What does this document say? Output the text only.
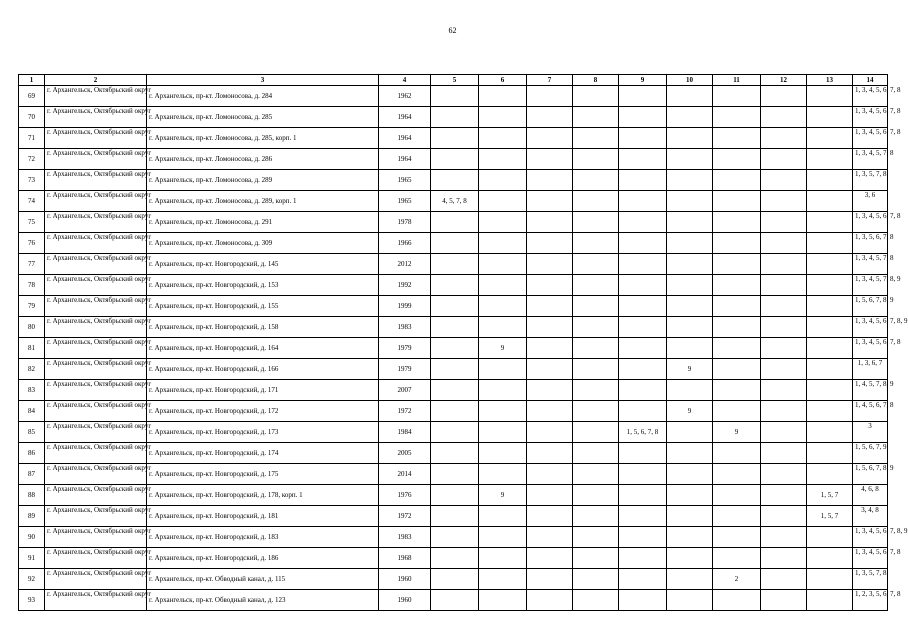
62
1	2	3	4	5	6	7	8	9	10	11	12	13	14
69	г. Архангельск, Октябрьский округ	г. Архангельск, пр-кт. Ломоносова, д. 284	1962										1, 3, 4, 5, 6, 7, 8
70	г. Архангельск, Октябрьский округ	г. Архангельск, пр-кт. Ломоносова, д. 285	1964										1, 3, 4, 5, 6, 7, 8
71	г. Архангельск, Октябрьский округ	г. Архангельск, пр-кт. Ломоносова, д. 285, корп. 1	1964										1, 3, 4, 5, 6, 7, 8
72	г. Архангельск, Октябрьский округ	г. Архангельск, пр-кт. Ломоносова, д. 286	1964										1, 3, 4, 5, 7, 8
73	г. Архангельск, Октябрьский округ	г. Архангельск, пр-кт. Ломоносова, д. 289	1965										1, 3, 5, 7, 8
74	г. Архангельск, Октябрьский округ	г. Архангельск, пр-кт. Ломоносова, д. 289, корп. 1	1965	4, 5, 7, 8									3, 6
75	г. Архангельск, Октябрьский округ	г. Архангельск, пр-кт. Ломоносова, д. 291	1978										1, 3, 4, 5, 6, 7, 8
76	г. Архангельск, Октябрьский округ	г. Архангельск, пр-кт. Ломоносова, д. 309	1966										1, 3, 5, 6, 7, 8
77	г. Архангельск, Октябрьский округ	г. Архангельск, пр-кт. Новгородский, д. 145	2012										1, 3, 4, 5, 7, 8
78	г. Архангельск, Октябрьский округ	г. Архангельск, пр-кт. Новгородский, д. 153	1992										1, 3, 4, 5, 7, 8, 9
79	г. Архангельск, Октябрьский округ	г. Архангельск, пр-кт. Новгородский, д. 155	1999										1, 5, 6, 7, 8, 9
80	г. Архангельск, Октябрьский округ	г. Архангельск, пр-кт. Новгородский, д. 158	1983										1, 3, 4, 5, 6, 7, 8, 9
81	г. Архангельск, Октябрьский округ	г. Архангельск, пр-кт. Новгородский, д. 164	1979		9								1, 3, 4, 5, 6, 7, 8
82	г. Архангельск, Октябрьский округ	г. Архангельск, пр-кт. Новгородский, д. 166	1979						9				1, 3, 6, 7
83	г. Архангельск, Октябрьский округ	г. Архангельск, пр-кт. Новгородский, д. 171	2007										1, 4, 5, 7, 8, 9
84	г. Архангельск, Октябрьский округ	г. Архангельск, пр-кт. Новгородский, д. 172	1972						9				1, 4, 5, 6, 7, 8
85	г. Архангельск, Октябрьский округ	г. Архангельск, пр-кт. Новгородский, д. 173	1984					1, 5, 6, 7, 8		9			3
86	г. Архангельск, Октябрьский округ	г. Архангельск, пр-кт. Новгородский, д. 174	2005										1, 5, 6, 7, 9
87	г. Архангельск, Октябрьский округ	г. Архангельск, пр-кт. Новгородский, д. 175	2014										1, 5, 6, 7, 8, 9
88	г. Архангельск, Октябрьский округ	г. Архангельск, пр-кт. Новгородский, д. 178, корп. 1	1976		9							1, 5, 7	4, 6, 8
89	г. Архангельск, Октябрьский округ	г. Архангельск, пр-кт. Новгородский, д. 181	1972									1, 5, 7	3, 4, 8
90	г. Архангельск, Октябрьский округ	г. Архангельск, пр-кт. Новгородский, д. 183	1983										1, 3, 4, 5, 6, 7, 8, 9
91	г. Архангельск, Октябрьский округ	г. Архангельск, пр-кт. Новгородский, д. 186	1968										1, 3, 4, 5, 6, 7, 8
92	г. Архангельск, Октябрьский округ	г. Архангельск, пр-кт. Обводный канал, д. 115	1960							2			1, 3, 5, 7, 8
93	г. Архангельск, Октябрьский округ	г. Архангельск, пр-кт. Обводный канал, д. 123	1960										1, 2, 3, 5, 6, 7, 8
